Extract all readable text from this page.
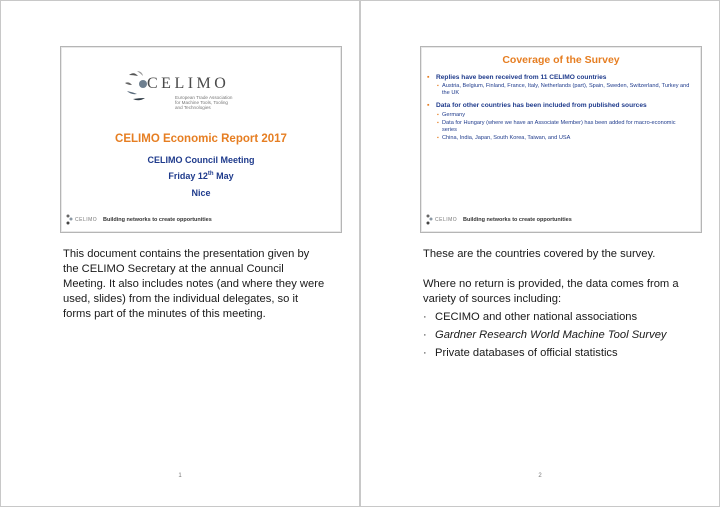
CELIMO
European Trade Association
for Machine Tools, Tooling
and Technologies
CELIMO Economic Report 2017
CELIMO Council Meeting
Friday 12th May
Nice
CELIMO Building networks to create opportunities
This document contains the presentation given by the CELIMO Secretary at the annual Council Meeting. It also includes notes (and where they were used, slides) from the individual delegates, so it forms part of the minutes of this meeting.
1
Coverage of the Survey
▪ Replies have been received from 11 CELIMO countries
▪ Austria, Belgium, Finland, France, Italy, Netherlands (part), Spain, Sweden, Switzerland, Turkey and the UK
▪ Data for other countries has been included from published sources
▪ Germany
▪ Data for Hungary (where we have an Associate Member) has been added for macro-economic series
▪ China, India, Japan, South Korea, Taiwan, and USA
CELIMO Building networks to create opportunities

These are the countries covered by the survey.

Where no return is provided, the data comes from a variety of sources including:

· CECIMO and other national associations
· Gardner Research World Machine Tool Survey
· Private databases of official statistics
2
